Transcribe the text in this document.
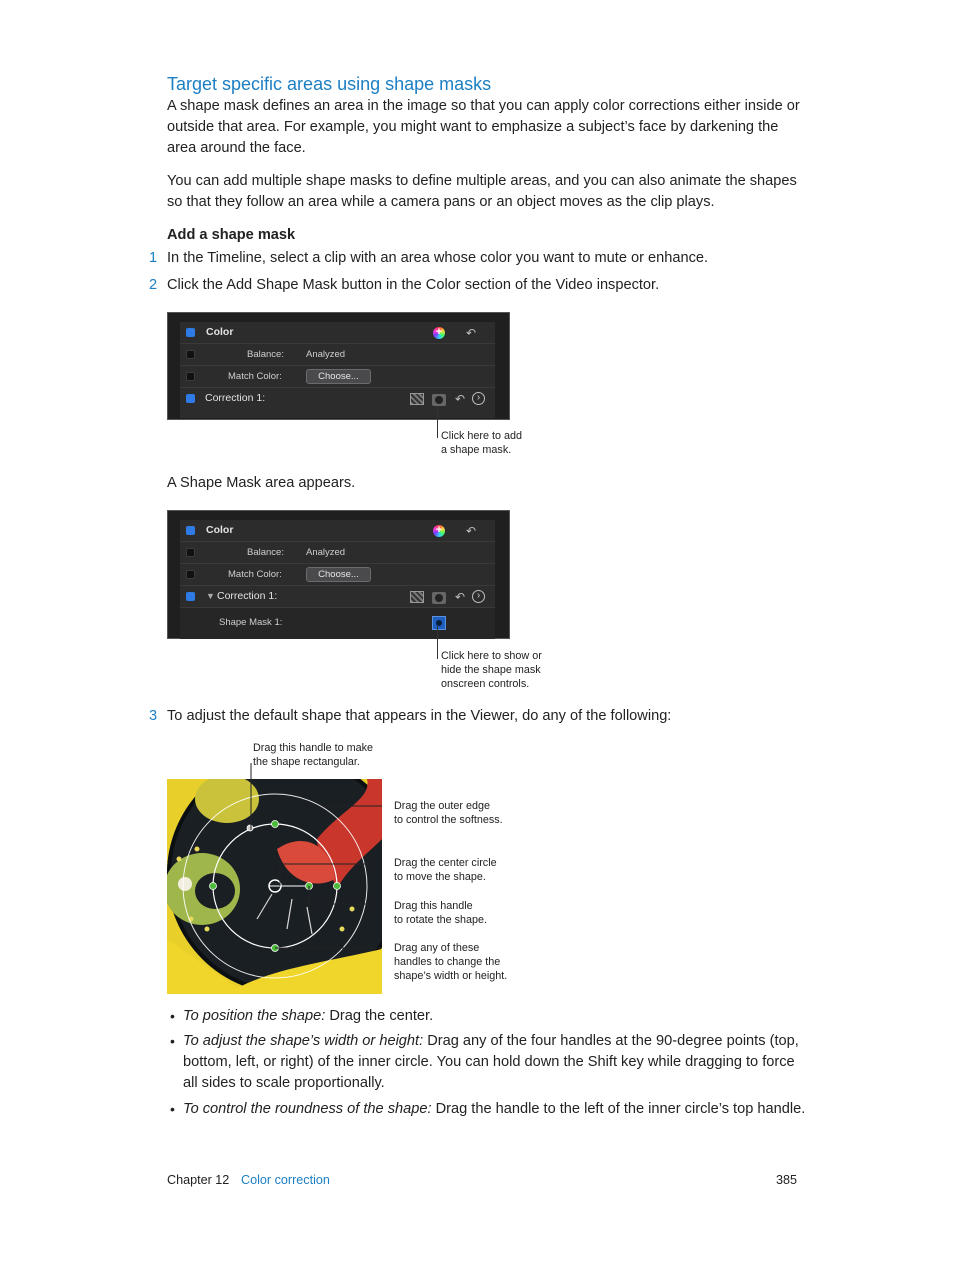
Target specific areas using shape masks
A shape mask defines an area in the image so that you can apply color corrections either inside or outside that area. For example, you might want to emphasize a subject’s face by darkening the area around the face.
You can add multiple shape masks to define multiple areas, and you can also animate the shapes so that they follow an area while a camera pans or an object moves as the clip plays.
Add a shape mask
1 In the Timeline, select a clip with an area whose color you want to mute or enhance.
2 Click the Add Shape Mask button in the Color section of the Video inspector.
Color	+ ↶
Balance: Analyzed
Match Color:	Choose...
Correction 1:	↶	›
Click here to add
a shape mask.
A Shape Mask area appears.
Color	+ ↶
Balance: Analyzed
Match Color:	Choose...
▼ Correction 1:	↶	›
Shape Mask 1:
Click here to show or
hide the shape mask
onscreen controls.
3 To adjust the default shape that appears in the Viewer, do any of the following:
Drag this handle to make
the shape rectangular.
Drag the outer edge
to control the softness.
Drag the center circle
to move the shape.
Drag this handle
to rotate the shape.
Drag any of these
handles to change the
shape’s width or height.
• To position the shape: Drag the center.
• To adjust the shape’s width or height: Drag any of the four handles at the 90-degree points (top, bottom, left, or right) of the inner circle. You can hold down the Shift key while dragging to force all sides to scale proportionally.
• To control the roundness of the shape: Drag the handle to the left of the inner circle’s top handle.
Chapter 12 Color correction	385
